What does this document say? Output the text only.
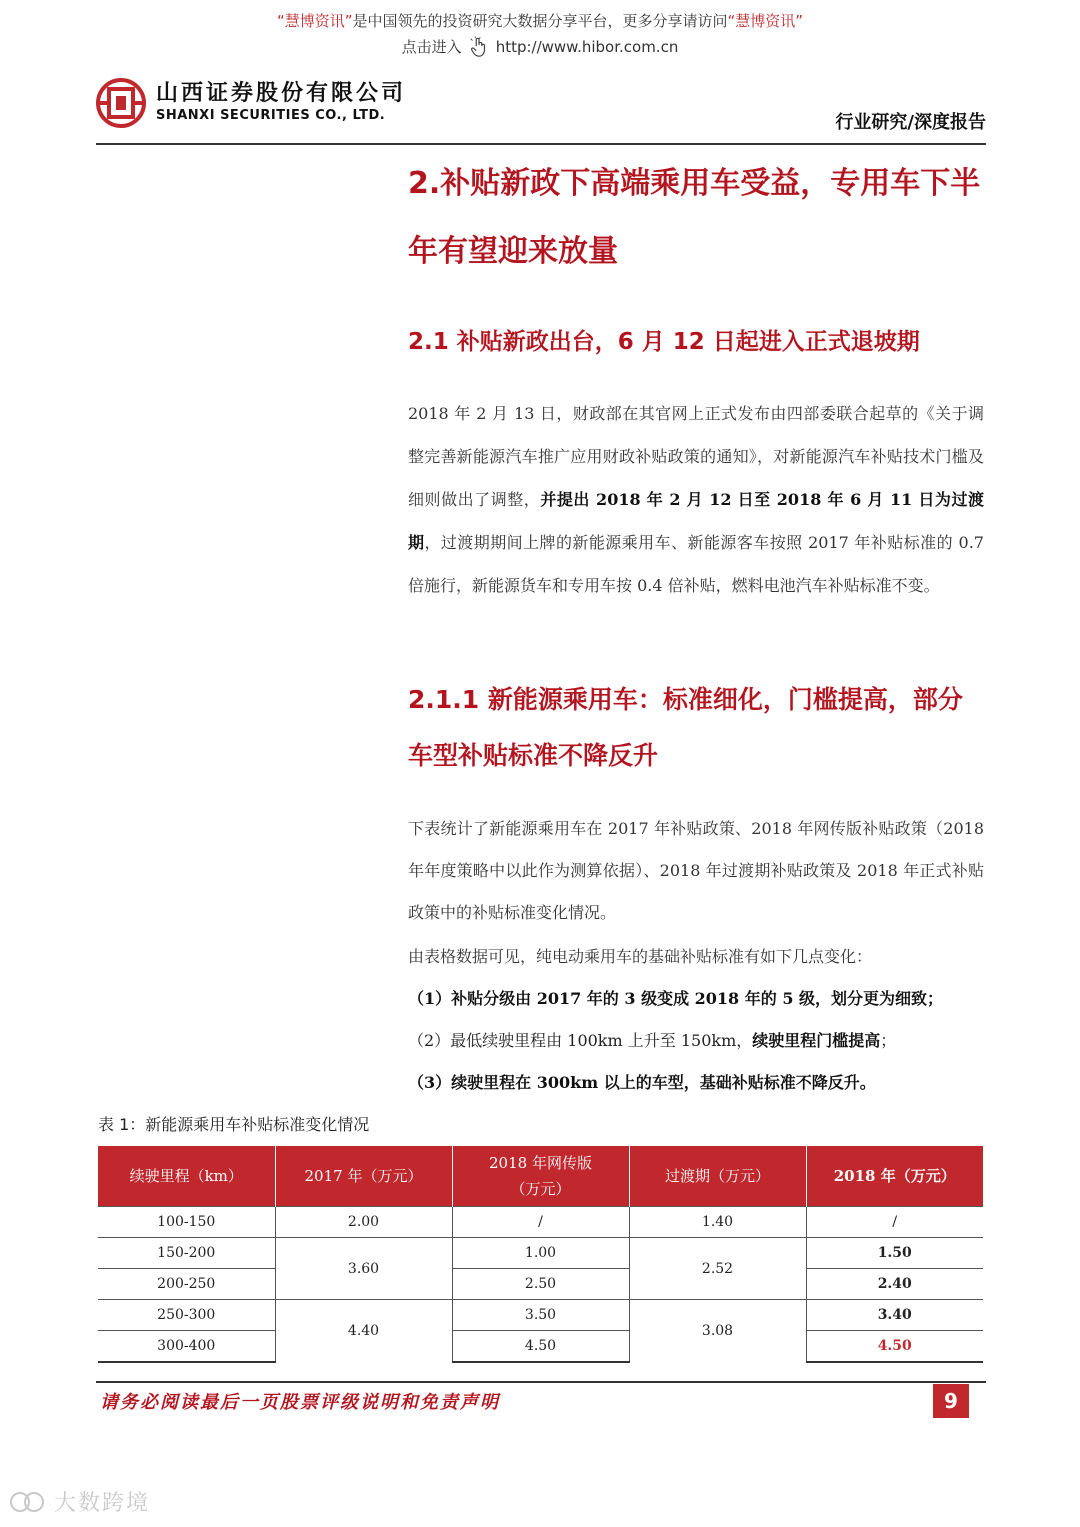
“慧博资讯”是中国领先的投资研究大数据分享平台，更多分享请访问“慧博资讯”
点击进入 http://www.hibor.com.cn
山西证券股份有限公司
SHANXI SECURITIES CO., LTD.	行业研究/深度报告
2.补贴新政下高端乘用车受益，专用车下半年有望迎来放量
2.1 补贴新政出台，6 月 12 日起进入正式退坡期
2018 年 2 月 13 日，财政部在其官网上正式发布由四部委联合起草的《关于调整完善新能源汽车推广应用财政补贴政策的通知》，对新能源汽车补贴技术门槛及细则做出了调整，并提出 2018 年 2 月 12 日至 2018 年 6 月 11 日为过渡期，过渡期期间上牌的新能源乘用车、新能源客车按照 2017 年补贴标准的 0.7 倍施行，新能源货车和专用车按 0.4 倍补贴，燃料电池汽车补贴标准不变。
2.1.1 新能源乘用车：标准细化，门槛提高，部分车型补贴标准不降反升
下表统计了新能源乘用车在 2017 年补贴政策、2018 年网传版补贴政策（2018 年年度策略中以此作为测算依据）、2018 年过渡期补贴政策及 2018 年正式补贴政策中的补贴标准变化情况。
由表格数据可见，纯电动乘用车的基础补贴标准有如下几点变化：
（1）补贴分级由 2017 年的 3 级变成 2018 年的 5 级，划分更为细致；
（2）最低续驶里程由 100km 上升至 150km，续驶里程门槛提高；
（3）续驶里程在 300km 以上的车型，基础补贴标准不降反升。
表 1：新能源乘用车补贴标准变化情况
续驶里程（km）	2017 年（万元）	2018 年网传版（万元）	过渡期（万元）	2018 年（万元）
100-150	2.00	/	1.40	/
150-200	3.60	1.00	2.52	1.50
200-250		2.50		2.40
250-300	4.40	3.50	3.08	3.40
300-400		4.50		4.50
请务必阅读最后一页股票评级说明和免责声明	9
大数跨境
